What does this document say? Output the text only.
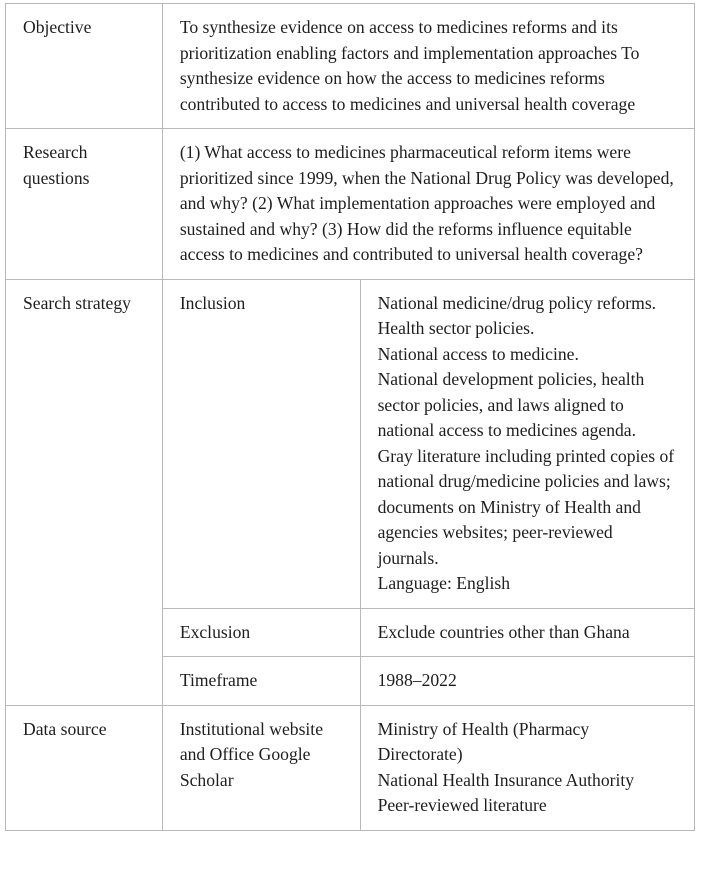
Objective	To synthesize evidence on access to medicines reforms and its prioritization enabling factors and implementation approaches To synthesize evidence on how the access to medicines reforms contributed to access to medicines and universal health coverage	
Research questions	(1) What access to medicines pharmaceutical reform items were prioritized since 1999, when the National Drug Policy was developed, and why? (2) What implementation approaches were employed and sustained and why? (3) How did the reforms influence equitable access to medicines and contributed to universal health coverage?	
Search strategy	Inclusion	National medicine/drug policy reforms. Health sector policies.
National access to medicine.
National development policies, health sector policies, and laws aligned to national access to medicines agenda.
Gray literature including printed copies of national drug/medicine policies and laws; documents on Ministry of Health and agencies websites; peer-reviewed journals.
Language: English

	Exclusion	Exclude countries other than Ghana
	Timeframe	1988–2022
Data source	Institutional website and Office Google Scholar	Ministry of Health (Pharmacy Directorate)
National Health Insurance Authority
Peer-reviewed literature
